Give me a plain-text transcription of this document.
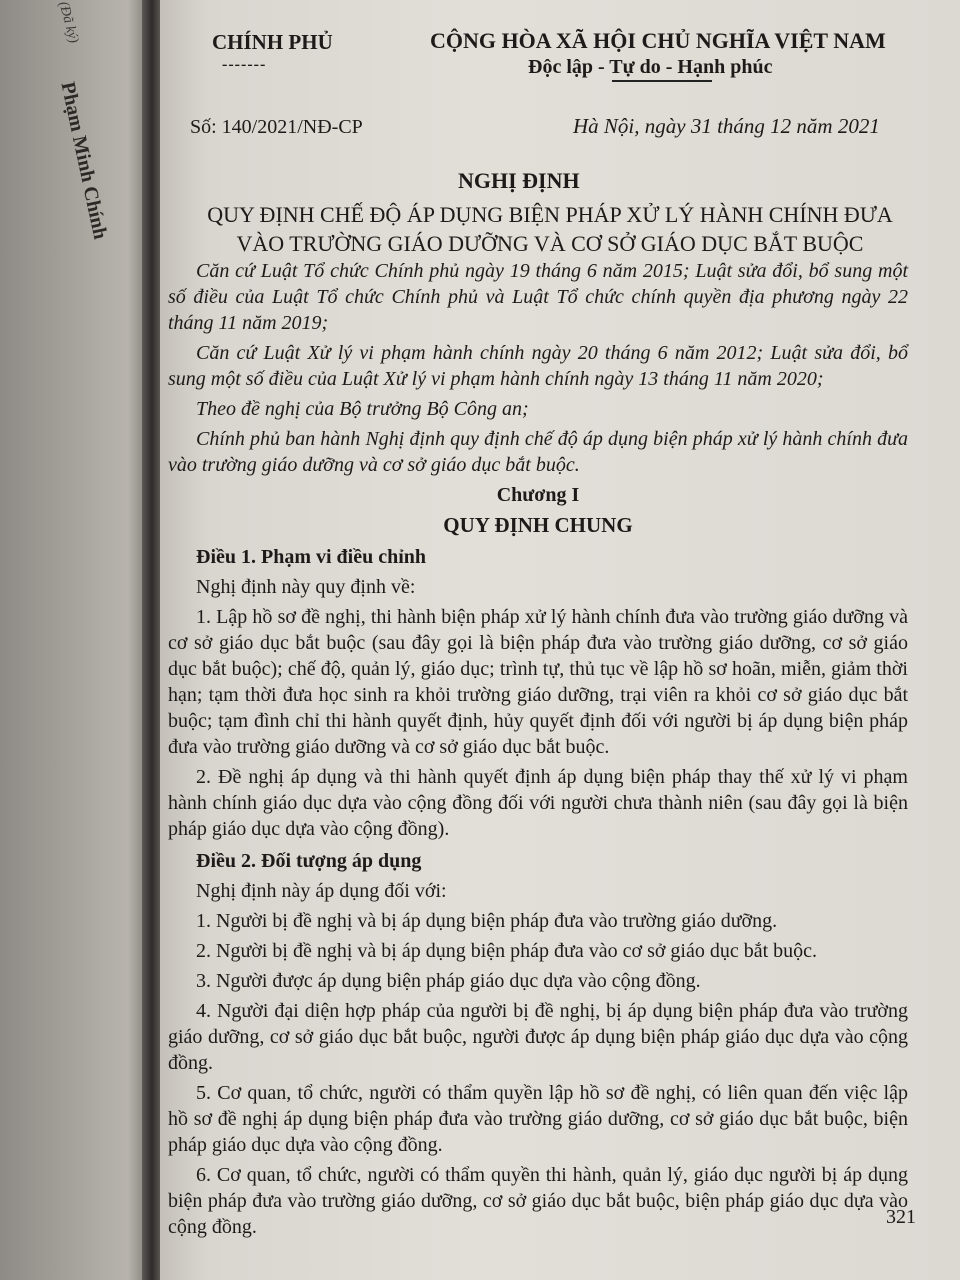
(Đã ký)
Phạm Minh Chính
CHÍNH PHỦ
-------
CỘNG HÒA XÃ HỘI CHỦ NGHĨA VIỆT NAM
Độc lập - Tự do - Hạnh phúc
Số: 140/2021/NĐ-CP	Hà Nội, ngày 31 tháng 12 năm 2021
NGHỊ ĐỊNH
QUY ĐỊNH CHẾ ĐỘ ÁP DỤNG BIỆN PHÁP XỬ LÝ HÀNH CHÍNH ĐƯA VÀO TRƯỜNG GIÁO DƯỠNG VÀ CƠ SỞ GIÁO DỤC BẮT BUỘC

Căn cứ Luật Tổ chức Chính phủ ngày 19 tháng 6 năm 2015; Luật sửa đổi, bổ sung một số điều của Luật Tổ chức Chính phủ và Luật Tổ chức chính quyền địa phương ngày 22 tháng 11 năm 2019;

Căn cứ Luật Xử lý vi phạm hành chính ngày 20 tháng 6 năm 2012; Luật sửa đổi, bổ sung một số điều của Luật Xử lý vi phạm hành chính ngày 13 tháng 11 năm 2020;

Theo đề nghị của Bộ trưởng Bộ Công an;

Chính phủ ban hành Nghị định quy định chế độ áp dụng biện pháp xử lý hành chính đưa vào trường giáo dưỡng và cơ sở giáo dục bắt buộc.

Chương I

QUY ĐỊNH CHUNG

Điều 1. Phạm vi điều chỉnh

Nghị định này quy định về:

1. Lập hồ sơ đề nghị, thi hành biện pháp xử lý hành chính đưa vào trường giáo dưỡng và cơ sở giáo dục bắt buộc (sau đây gọi là biện pháp đưa vào trường giáo dưỡng, cơ sở giáo dục bắt buộc); chế độ, quản lý, giáo dục; trình tự, thủ tục về lập hồ sơ hoãn, miễn, giảm thời hạn; tạm thời đưa học sinh ra khỏi trường giáo dưỡng, trại viên ra khỏi cơ sở giáo dục bắt buộc; tạm đình chỉ thi hành quyết định, hủy quyết định đối với người bị áp dụng biện pháp đưa vào trường giáo dưỡng và cơ sở giáo dục bắt buộc.

2. Đề nghị áp dụng và thi hành quyết định áp dụng biện pháp thay thế xử lý vi phạm hành chính giáo dục dựa vào cộng đồng đối với người chưa thành niên (sau đây gọi là biện pháp giáo dục dựa vào cộng đồng).

Điều 2. Đối tượng áp dụng

Nghị định này áp dụng đối với:

1. Người bị đề nghị và bị áp dụng biện pháp đưa vào trường giáo dưỡng.

2. Người bị đề nghị và bị áp dụng biện pháp đưa vào cơ sở giáo dục bắt buộc.

3. Người được áp dụng biện pháp giáo dục dựa vào cộng đồng.

4. Người đại diện hợp pháp của người bị đề nghị, bị áp dụng biện pháp đưa vào trường giáo dưỡng, cơ sở giáo dục bắt buộc, người được áp dụng biện pháp giáo dục dựa vào cộng đồng.

5. Cơ quan, tổ chức, người có thẩm quyền lập hồ sơ đề nghị, có liên quan đến việc lập hồ sơ đề nghị áp dụng biện pháp đưa vào trường giáo dưỡng, cơ sở giáo dục bắt buộc, biện pháp giáo dục dựa vào cộng đồng.

6. Cơ quan, tổ chức, người có thẩm quyền thi hành, quản lý, giáo dục người bị áp dụng biện pháp đưa vào trường giáo dưỡng, cơ sở giáo dục bắt buộc, biện pháp giáo dục dựa vào cộng đồng.	321
